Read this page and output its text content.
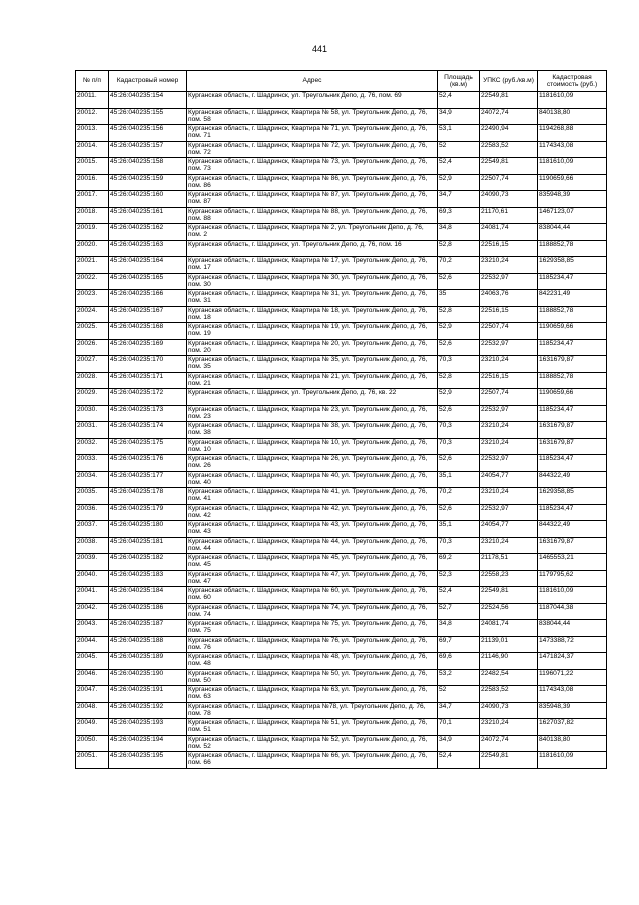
441
№ п/п	Кадастровый номер	Адрес	Площадь (кв.м)	УПКС (руб./кв.м)	Кадастровая стоимость (руб.)
20011.	45:26:040235:154	Курганская область, г. Шадринск, ул. Треугольник Депо, д. 76, пом. 69	52,4	22549,81	1181610,09
20012.	45:26:040235:155	Курганская область, г. Шадринск, Квартира № 58, ул. Треугольник Депо, д. 76, пом. 58	34,9	24072,74	840138,80
20013.	45:26:040235:156	Курганская область, г. Шадринск, Квартира № 71, ул. Треугольник Депо, д. 76, пом. 71	53,1	22490,94	1194268,88
20014.	45:26:040235:157	Курганская область, г. Шадринск, Квартира № 72, ул. Треугольник Депо, д. 76, пом. 72	52	22583,52	1174343,08
20015.	45:26:040235:158	Курганская область, г. Шадринск, Квартира № 73, ул. Треугольник Депо, д. 76, пом. 73	52,4	22549,81	1181610,09
20016.	45:26:040235:159	Курганская область, г. Шадринск, Квартира № 86, ул. Треугольник Депо, д. 76, пом. 86	52,9	22507,74	1190659,66
20017.	45:26:040235:160	Курганская область, г. Шадринск, Квартира № 87, ул. Треугольник Депо, д. 76, пом. 87	34,7	24090,73	835948,39
20018.	45:26:040235:161	Курганская область, г. Шадринск, Квартира № 88, ул. Треугольник Депо, д. 76, пом. 88	69,3	21170,61	1467123,07
20019.	45:26:040235:162	Курганская область, г. Шадринск, Квартира № 2, ул. Треугольник Депо, д. 76, пом. 2	34,8	24081,74	838044,44
20020.	45:26:040235:163	Курганская область, г. Шадринск, ул. Треугольник Депо, д. 76, пом. 16	52,8	22516,15	1188852,78
20021.	45:26:040235:164	Курганская область, г. Шадринск, Квартира № 17, ул. Треугольник Депо, д. 76, пом. 17	70,2	23210,24	1629358,85
20022.	45:26:040235:165	Курганская область, г. Шадринск, Квартира № 30, ул. Треугольник Депо, д. 76, пом. 30	52,6	22532,97	1185234,47
20023.	45:26:040235:166	Курганская область, г. Шадринск, Квартира № 31, ул. Треугольник Депо, д. 76, пом. 31	35	24063,76	842231,49
20024.	45:26:040235:167	Курганская область, г. Шадринск, Квартира № 18, ул. Треугольник Депо, д. 76, пом. 18	52,8	22516,15	1188852,78
20025.	45:26:040235:168	Курганская область, г. Шадринск, Квартира № 19, ул. Треугольник Депо, д. 76, пом. 19	52,9	22507,74	1190659,66
20026.	45:26:040235:169	Курганская область, г. Шадринск, Квартира № 20, ул. Треугольник Депо, д. 76, пом. 20	52,6	22532,97	1185234,47
20027.	45:26:040235:170	Курганская область, г. Шадринск, Квартира № 35, ул. Треугольник Депо, д. 76, пом. 35	70,3	23210,24	1631679,87
20028.	45:26:040235:171	Курганская область, г. Шадринск, Квартира № 21, ул. Треугольник Депо, д. 76, пом. 21	52,8	22516,15	1188852,78
20029.	45:26:040235:172	Курганская область, г. Шадринск, ул. Треугольник Депо, д. 76, кв. 22	52,9	22507,74	1190659,66
20030.	45:26:040235:173	Курганская область, г. Шадринск, Квартира № 23, ул. Треугольник Депо, д. 76, пом. 23	52,6	22532,97	1185234,47
20031.	45:26:040235:174	Курганская область, г. Шадринск, Квартира № 38, ул. Треугольник Депо, д. 76, пом. 38	70,3	23210,24	1631679,87
20032.	45:26:040235:175	Курганская область, г. Шадринск, Квартира № 10, ул. Треугольник Депо, д. 76, пом. 10	70,3	23210,24	1631679,87
20033.	45:26:040235:176	Курганская область, г. Шадринск, Квартира № 26, ул. Треугольник Депо, д. 76, пом. 26	52,6	22532,97	1185234,47
20034.	45:26:040235:177	Курганская область, г. Шадринск, Квартира № 40, ул. Треугольник Депо, д. 76, пом. 40	35,1	24054,77	844322,49
20035.	45:26:040235:178	Курганская область, г. Шадринск, Квартира № 41, ул. Треугольник Депо, д. 76, пом. 41	70,2	23210,24	1629358,85
20036.	45:26:040235:179	Курганская область, г. Шадринск, Квартира № 42, ул. Треугольник Депо, д. 76, пом. 42	52,6	22532,97	1185234,47
20037.	45:26:040235:180	Курганская область, г. Шадринск, Квартира № 43, ул. Треугольник Депо, д. 76, пом. 43	35,1	24054,77	844322,49
20038.	45:26:040235:181	Курганская область, г. Шадринск, Квартира № 44, ул. Треугольник Депо, д. 76, пом. 44	70,3	23210,24	1631679,87
20039.	45:26:040235:182	Курганская область, г. Шадринск, Квартира № 45, ул. Треугольник Депо, д. 76, пом. 45	69,2	21178,51	1465553,21
20040.	45:26:040235:183	Курганская область, г. Шадринск, Квартира № 47, ул. Треугольник Депо, д. 76, пом. 47	52,3	22558,23	1179795,62
20041.	45:26:040235:184	Курганская область, г. Шадринск, Квартира № 60, ул. Треугольник Депо, д. 76, пом. 60	52,4	22549,81	1181610,09
20042.	45:26:040235:186	Курганская область, г. Шадринск, Квартира № 74, ул. Треугольник Депо, д. 76, пом. 74	52,7	22524,56	1187044,38
20043.	45:26:040235:187	Курганская область, г. Шадринск, Квартира № 75, ул. Треугольник Депо, д. 76, пом. 75	34,8	24081,74	838044,44
20044.	45:26:040235:188	Курганская область, г. Шадринск, Квартира № 76, ул. Треугольник Депо, д. 76, пом. 76	69,7	21139,01	1473388,72
20045.	45:26:040235:189	Курганская область, г. Шадринск, Квартира № 48, ул. Треугольник Депо, д. 76, пом. 48	69,6	21146,90	1471824,37
20046.	45:26:040235:190	Курганская область, г. Шадринск, Квартира № 50, ул. Треугольник Депо, д. 76, пом. 50	53,2	22482,54	1196071,22
20047.	45:26:040235:191	Курганская область, г. Шадринск, Квартира № 63, ул. Треугольник Депо, д. 76, пом. 63	52	22583,52	1174343,08
20048.	45:26:040235:192	Курганская область, г. Шадринск, Квартира №78, ул. Треугольник Депо, д. 76, пом. 78	34,7	24090,73	835948,39
20049.	45:26:040235:193	Курганская область, г. Шадринск, Квартира № 51, ул. Треугольник Депо, д. 76, пом. 51	70,1	23210,24	1627037,82
20050.	45:26:040235:194	Курганская область, г. Шадринск, Квартира № 52, ул. Треугольник Депо, д. 76, пом. 52	34,9	24072,74	840138,80
20051.	45:26:040235:195	Курганская область, г. Шадринск, Квартира № 66, ул. Треугольник Депо, д. 76, пом. 66	52,4	22549,81	1181610,09
